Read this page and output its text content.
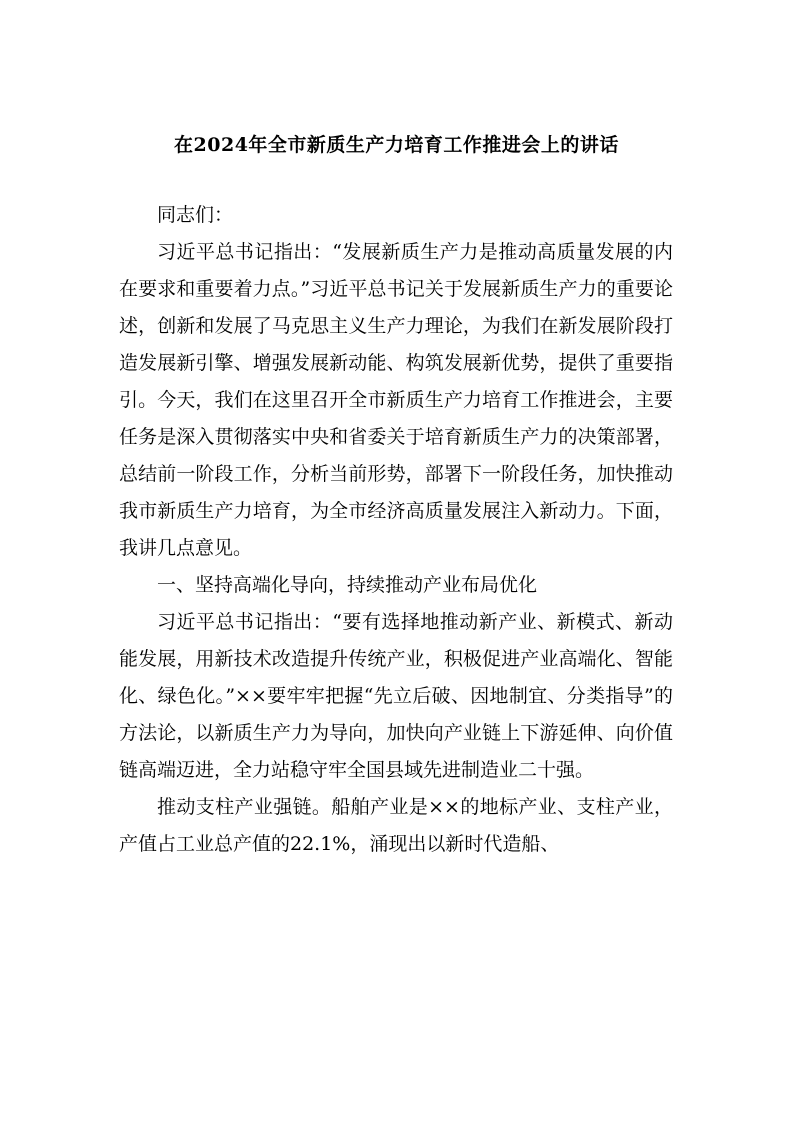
在2024年全市新质生产力培育工作推进会上的讲话

同志们：

习近平总书记指出：“发展新质生产力是推动高质量发展的内在要求和重要着力点。”习近平总书记关于发展新质生产力的重要论述，创新和发展了马克思主义生产力理论，为我们在新发展阶段打造发展新引擎、增强发展新动能、构筑发展新优势，提供了重要指引。今天，我们在这里召开全市新质生产力培育工作推进会，主要任务是深入贯彻落实中央和省委关于培育新质生产力的决策部署，总结前一阶段工作，分析当前形势，部署下一阶段任务，加快推动我市新质生产力培育，为全市经济高质量发展注入新动力。下面，我讲几点意见。

一、坚持高端化导向，持续推动产业布局优化

习近平总书记指出：“要有选择地推动新产业、新模式、新动能发展，用新技术改造提升传统产业，积极促进产业高端化、智能化、绿色化。”××要牢牢把握“先立后破、因地制宜、分类指导”的方法论，以新质生产力为导向，加快向产业链上下游延伸、向价值链高端迈进，全力站稳守牢全国县域先进制造业二十强。

推动支柱产业强链。船舶产业是××的地标产业、支柱产业，产值占工业总产值的22.1%，涌现出以新时代造船、
